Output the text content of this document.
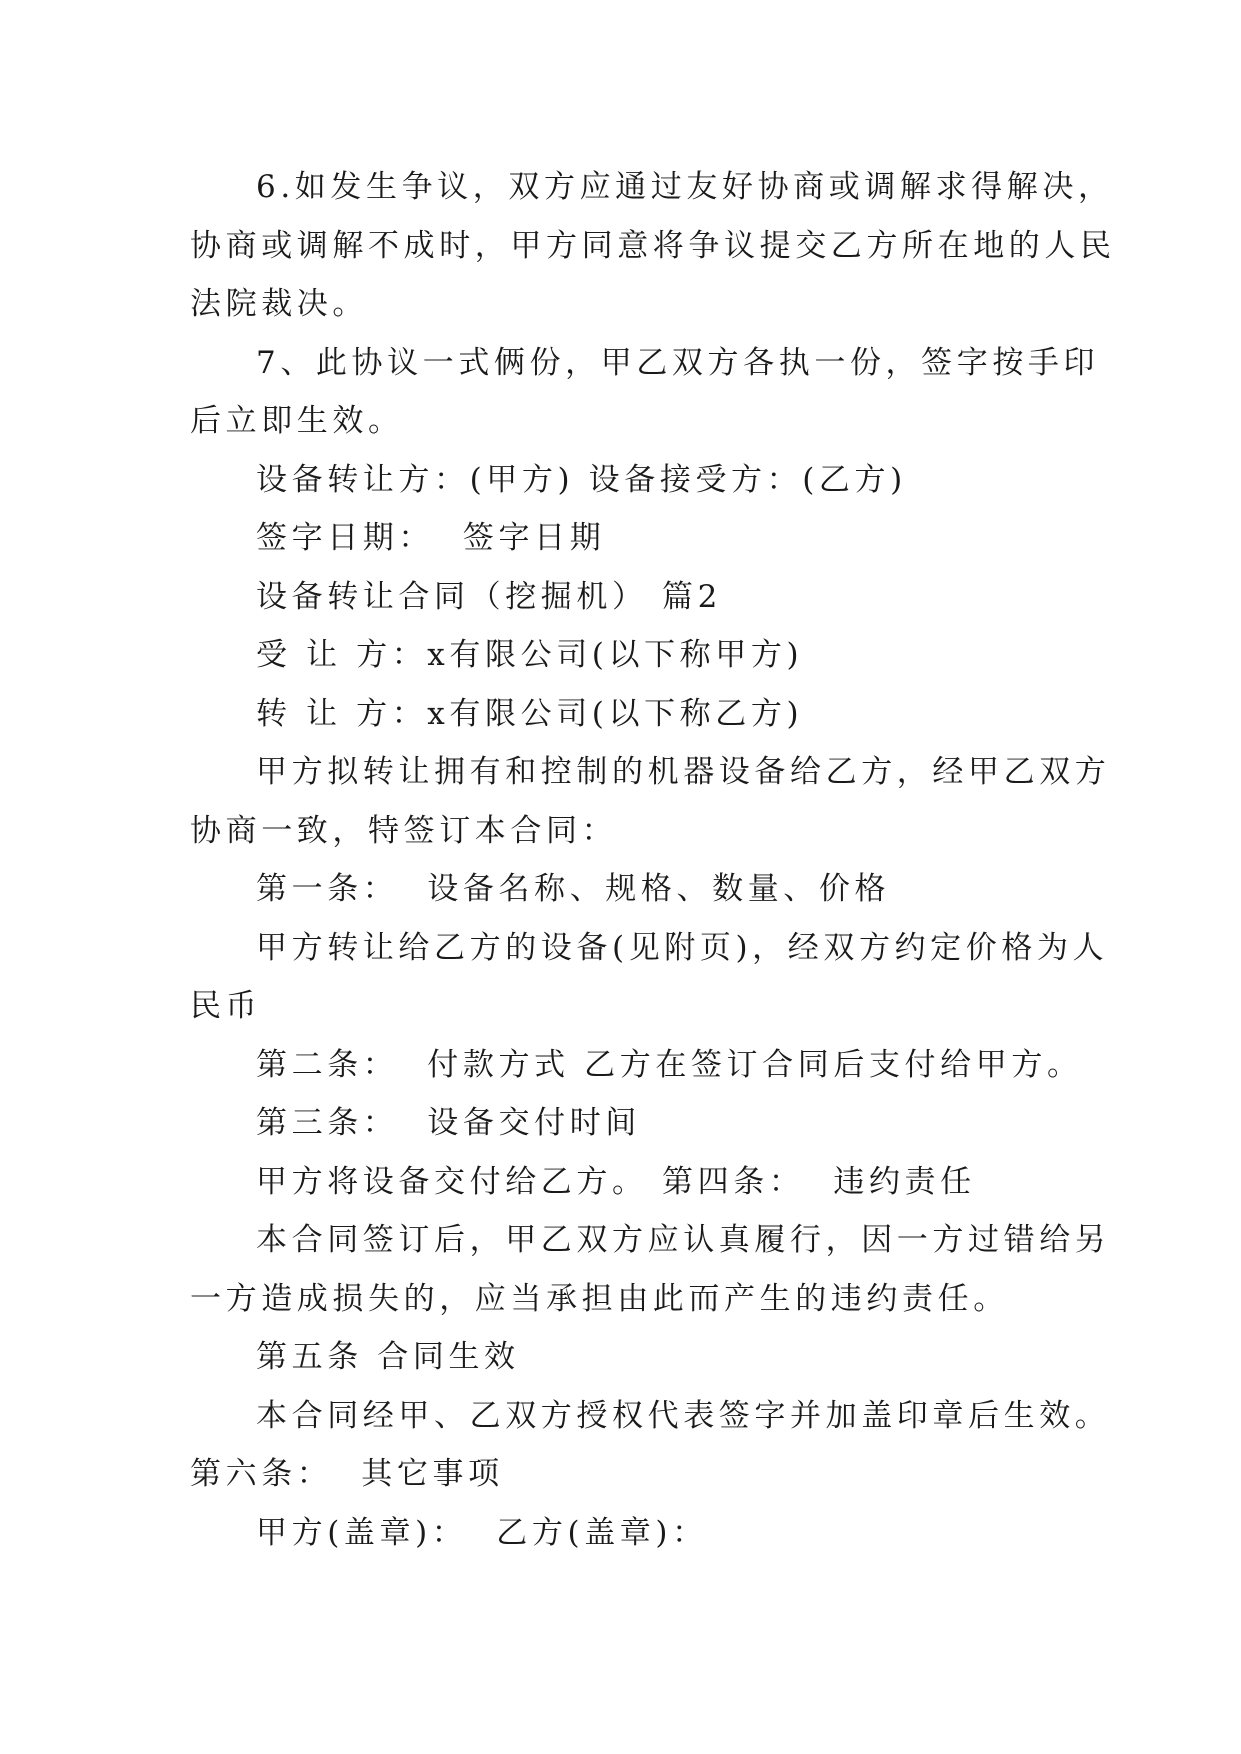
6.如发生争议，双方应通过友好协商或调解求得解决，
协商或调解不成时，甲方同意将争议提交乙方所在地的人民
法院裁决。
7、此协议一式俩份，甲乙双方各执一份，签字按手印
后立即生效。
设备转让方：(甲方) 设备接受方：(乙方)
签字日期：  签字日期
设备转让合同（挖掘机） 篇2
受 让 方：x有限公司(以下称甲方)
转 让 方：x有限公司(以下称乙方)
甲方拟转让拥有和控制的机器设备给乙方，经甲乙双方
协商一致，特签订本合同：
第一条：  设备名称、规格、数量、价格
甲方转让给乙方的设备(见附页)，经双方约定价格为人
民币
第二条：  付款方式 乙方在签订合同后支付给甲方。
第三条：  设备交付时间
甲方将设备交付给乙方。 第四条：  违约责任
本合同签订后，甲乙双方应认真履行，因一方过错给另
一方造成损失的，应当承担由此而产生的违约责任。
第五条 合同生效
本合同经甲、乙双方授权代表签字并加盖印章后生效。
第六条：  其它事项
甲方(盖章)：  乙方(盖章)：
